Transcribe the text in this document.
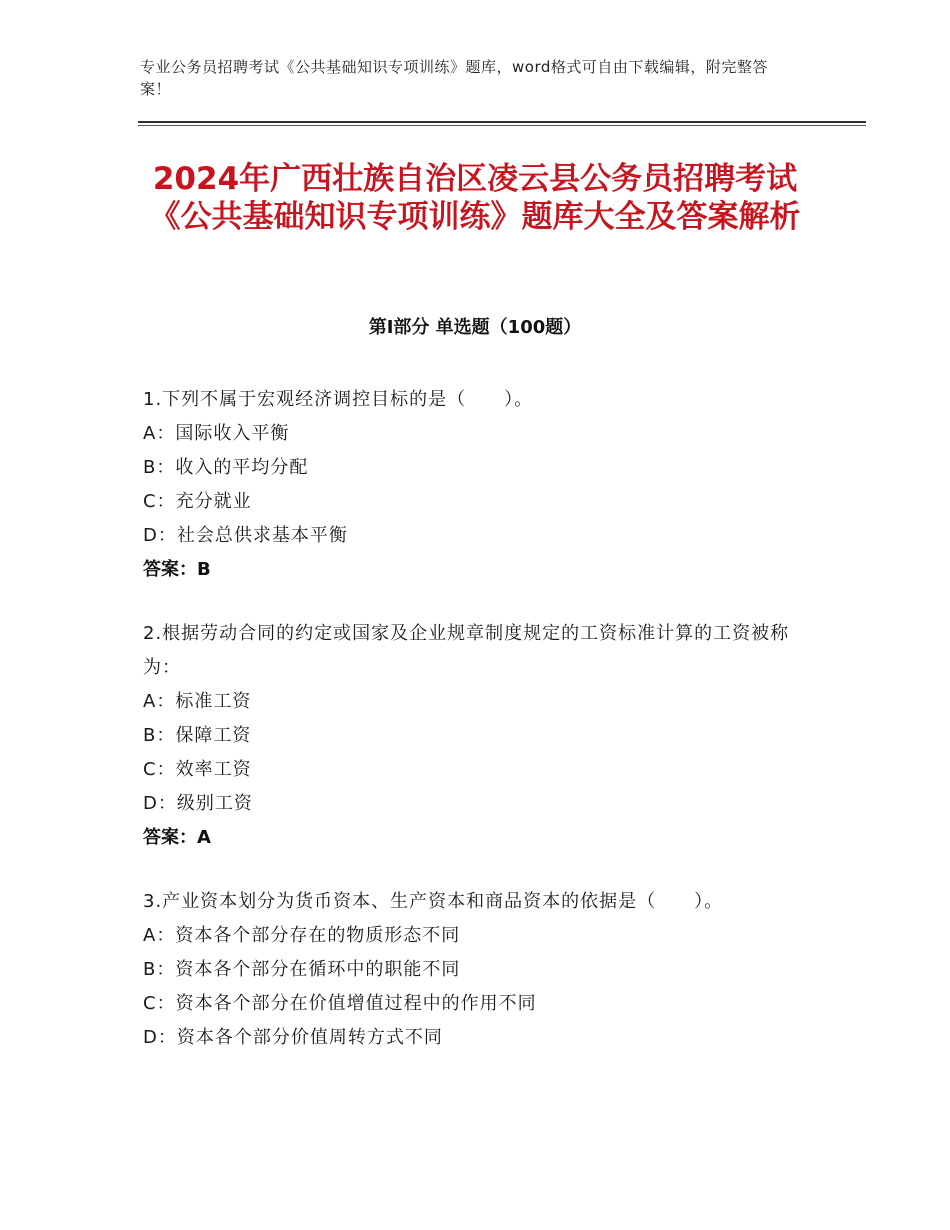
专业公务员招聘考试《公共基础知识专项训练》题库，word格式可自由下载编辑，附完整答案！
2024年广西壮族自治区凌云县公务员招聘考试《公共基础知识专项训练》题库大全及答案解析
第Ⅰ部分 单选题（100题）
1.下列不属于宏观经济调控目标的是（　　）。
A：国际收入平衡
B：收入的平均分配
C：充分就业
D：社会总供求基本平衡
答案：B
2.根据劳动合同的约定或国家及企业规章制度规定的工资标准计算的工资被称为：
A：标准工资
B：保障工资
C：效率工资
D：级别工资
答案：A
3.产业资本划分为货币资本、生产资本和商品资本的依据是（　　）。
A：资本各个部分存在的物质形态不同
B：资本各个部分在循环中的职能不同
C：资本各个部分在价值增值过程中的作用不同
D：资本各个部分价值周转方式不同
